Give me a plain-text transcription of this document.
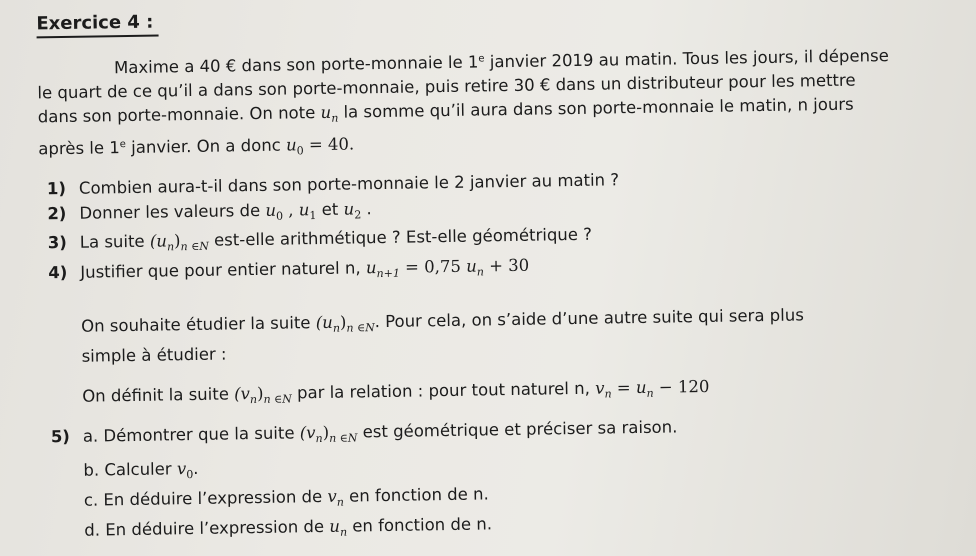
Exercice 4 :
Maxime a 40 € dans son porte-monnaie le 1e janvier 2019 au matin. Tous les jours, il dépense
le quart de ce qu’il a dans son porte-monnaie, puis retire 30 € dans un distributeur pour les mettre
dans son porte-monnaie. On note $u_n$ la somme qu’il aura dans son porte-monnaie le matin, n jours
après le 1e janvier. On a donc $u_0 = 40$.
1) Combien aura-t-il dans son porte-monnaie le 2 janvier au matin ?
2) Donner les valeurs de $u_0$ , $u_1$ et $u_2$ .
3) La suite $(u_n)_{n \in N}$ est-elle arithmétique ? Est-elle géométrique ?
4) Justifier que pour entier naturel n, $u_{n+1} = 0,75$ $u_n + 30$
On souhaite étudier la suite $(u_n)_{n \in N}$. Pour cela, on s’aide d’une autre suite qui sera plus
simple à étudier :
On définit la suite $(v_n)_{n \in N}$ par la relation : pour tout naturel n, $v_n = u_n - 120$
5) a. Démontrer que la suite $(v_n)_{n \in N}$ est géométrique et préciser sa raison.
b. Calculer $v_0$.
c. En déduire l’expression de $v_n$ en fonction de n.
d. En déduire l’expression de $u_n$ en fonction de n.
